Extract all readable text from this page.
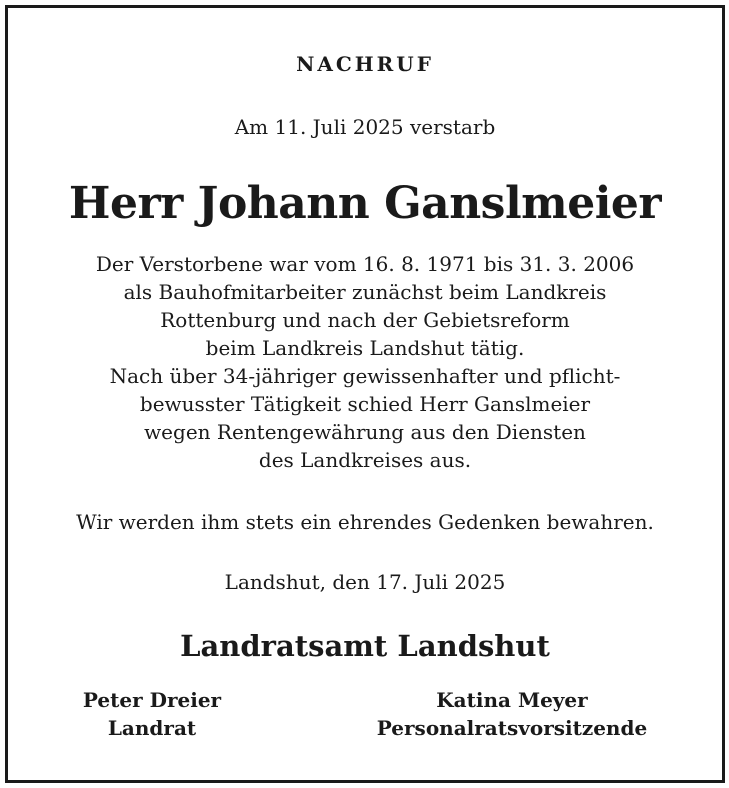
NACHRUF
Am 11. Juli 2025 verstarb
Herr Johann Ganslmeier
Der Verstorbene war vom 16. 8. 1971 bis 31. 3. 2006
als Bauhofmitarbeiter zunächst beim Landkreis
Rottenburg und nach der Gebietsreform
beim Landkreis Landshut tätig.
Nach über 34-jähriger gewissenhafter und pflicht-
bewusster Tätigkeit schied Herr Ganslmeier
wegen Rentengewährung aus den Diensten
des Landkreises aus.
Wir werden ihm stets ein ehrendes Gedenken bewahren.
Landshut, den 17. Juli 2025
Landratsamt Landshut
Peter Dreier
Landrat
Katina Meyer
Personalratsvorsitzende
